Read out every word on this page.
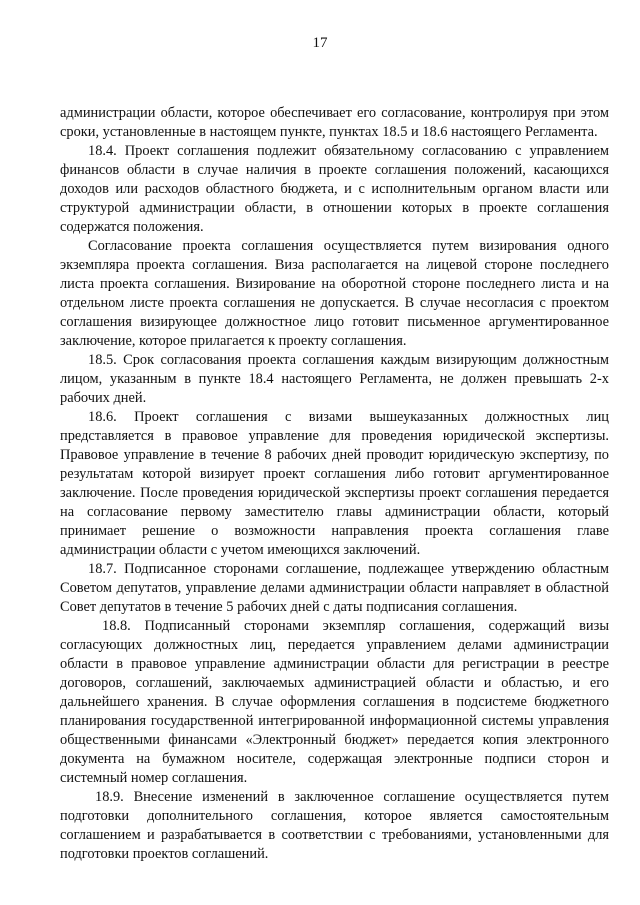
17

администрации области, которое обеспечивает его согласование, контролируя при этом сроки, установленные в настоящем пункте, пунктах 18.5 и 18.6 настоящего Регламента.

18.4. Проект соглашения подлежит обязательному согласованию с управлением финансов области в случае наличия в проекте соглашения положений, касающихся доходов или расходов областного бюджета, и с исполнительным органом власти или структурой администрации области, в отношении которых в проекте соглашения содержатся положения.

Согласование проекта соглашения осуществляется путем визирования одного экземпляра проекта соглашения. Виза располагается на лицевой стороне последнего листа проекта соглашения. Визирование на оборотной стороне последнего листа и на отдельном листе проекта соглашения не допускается. В случае несогласия с проектом соглашения визирующее должностное лицо готовит письменное аргументированное заключение, которое прилагается к проекту соглашения.

18.5. Срок согласования проекта соглашения каждым визирующим должностным лицом, указанным в пункте 18.4 настоящего Регламента, не должен превышать 2-х рабочих дней.

18.6. Проект соглашения с визами вышеуказанных должностных лиц представляется в правовое управление для проведения юридической экспертизы. Правовое управление в течение 8 рабочих дней проводит юридическую экспертизу, по результатам которой визирует проект соглашения либо готовит аргументированное заключение. После проведения юридической экспертизы проект соглашения передается на согласование первому заместителю главы администрации области, который принимает решение о возможности направления проекта соглашения главе администрации области с учетом имеющихся заключений.

18.7. Подписанное сторонами соглашение, подлежащее утверждению областным Советом депутатов, управление делами администрации области направляет в областной Совет депутатов в течение 5 рабочих дней с даты подписания соглашения.

18.8. Подписанный сторонами экземпляр соглашения, содержащий визы согласующих должностных лиц, передается управлением делами администрации области в правовое управление администрации области для регистрации в реестре договоров, соглашений, заключаемых администрацией области и областью, и его дальнейшего хранения. В случае оформления соглашения в подсистеме бюджетного планирования государственной интегрированной информационной системы управления общественными финансами «Электронный бюджет» передается копия электронного документа на бумажном носителе, содержащая электронные подписи сторон и системный номер соглашения.

18.9. Внесение изменений в заключенное соглашение осуществляется путем подготовки дополнительного соглашения, которое является самостоятельным соглашением и разрабатывается в соответствии с требованиями, установленными для подготовки проектов соглашений.
